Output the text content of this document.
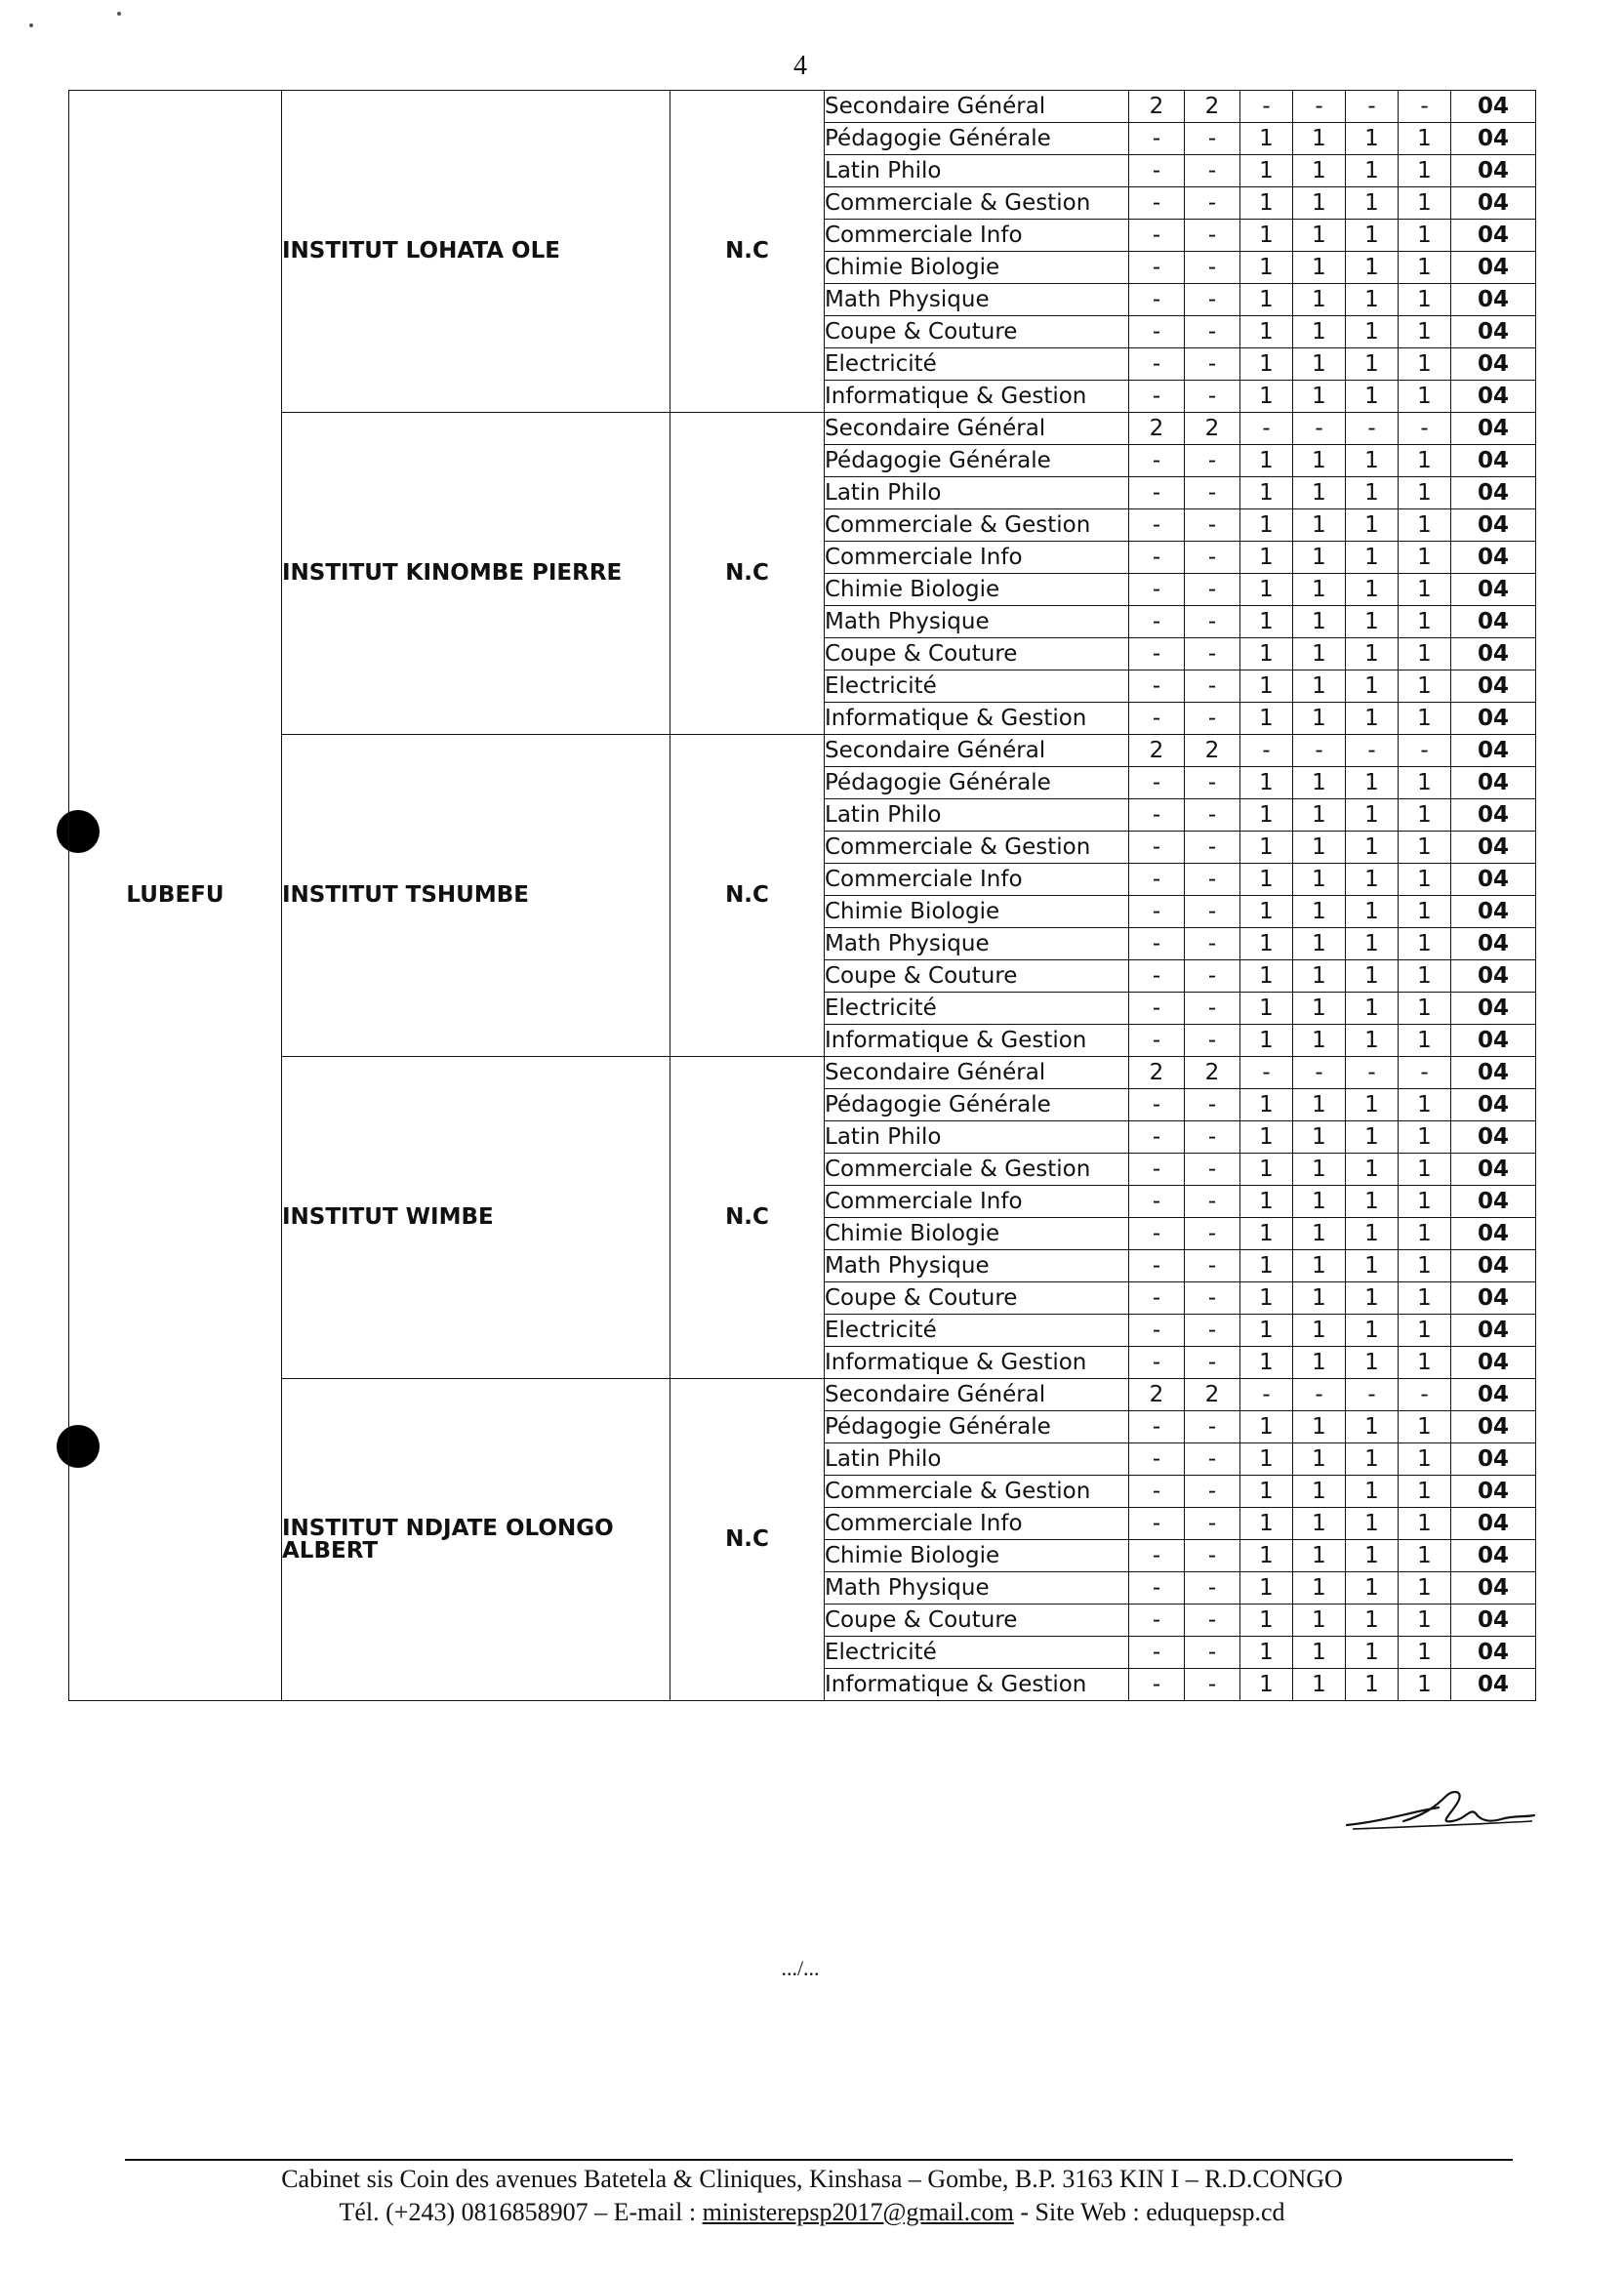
4
LUBEFU	INSTITUT LOHATA OLE	N.C	Secondaire Général	2	2	-	-	-	-	04
			Pédagogie Générale	-	-	1	1	1	1	04
			Latin Philo	-	-	1	1	1	1	04
			Commerciale & Gestion	-	-	1	1	1	1	04
			Commerciale Info	-	-	1	1	1	1	04
			Chimie Biologie	-	-	1	1	1	1	04
			Math Physique	-	-	1	1	1	1	04
			Coupe & Couture	-	-	1	1	1	1	04
			Electricité	-	-	1	1	1	1	04
			Informatique & Gestion	-	-	1	1	1	1	04
	INSTITUT KINOMBE PIERRE	N.C	Secondaire Général	2	2	-	-	-	-	04
			Pédagogie Générale	-	-	1	1	1	1	04
			Latin Philo	-	-	1	1	1	1	04
			Commerciale & Gestion	-	-	1	1	1	1	04
			Commerciale Info	-	-	1	1	1	1	04
			Chimie Biologie	-	-	1	1	1	1	04
			Math Physique	-	-	1	1	1	1	04
			Coupe & Couture	-	-	1	1	1	1	04
			Electricité	-	-	1	1	1	1	04
			Informatique & Gestion	-	-	1	1	1	1	04
	INSTITUT TSHUMBE	N.C	Secondaire Général	2	2	-	-	-	-	04
			Pédagogie Générale	-	-	1	1	1	1	04
			Latin Philo	-	-	1	1	1	1	04
			Commerciale & Gestion	-	-	1	1	1	1	04
			Commerciale Info	-	-	1	1	1	1	04
			Chimie Biologie	-	-	1	1	1	1	04
			Math Physique	-	-	1	1	1	1	04
			Coupe & Couture	-	-	1	1	1	1	04
			Electricité	-	-	1	1	1	1	04
			Informatique & Gestion	-	-	1	1	1	1	04
	INSTITUT WIMBE	N.C	Secondaire Général	2	2	-	-	-	-	04
			Pédagogie Générale	-	-	1	1	1	1	04
			Latin Philo	-	-	1	1	1	1	04
			Commerciale & Gestion	-	-	1	1	1	1	04
			Commerciale Info	-	-	1	1	1	1	04
			Chimie Biologie	-	-	1	1	1	1	04
			Math Physique	-	-	1	1	1	1	04
			Coupe & Couture	-	-	1	1	1	1	04
			Electricité	-	-	1	1	1	1	04
			Informatique & Gestion	-	-	1	1	1	1	04
	INSTITUT NDJATE OLONGO ALBERT	N.C	Secondaire Général	2	2	-	-	-	-	04
			Pédagogie Générale	-	-	1	1	1	1	04
			Latin Philo	-	-	1	1	1	1	04
			Commerciale & Gestion	-	-	1	1	1	1	04
			Commerciale Info	-	-	1	1	1	1	04
			Chimie Biologie	-	-	1	1	1	1	04
			Math Physique	-	-	1	1	1	1	04
			Coupe & Couture	-	-	1	1	1	1	04
			Electricité	-	-	1	1	1	1	04
			Informatique & Gestion	-	-	1	1	1	1	04
.../...
Cabinet sis Coin des avenues Batetela & Cliniques, Kinshasa – Gombe, B.P. 3163 KIN I – R.D.CONGO
Tél. (+243) 0816858907 – E-mail : ministerepsp2017@gmail.com - Site Web : eduquepsp.cd
